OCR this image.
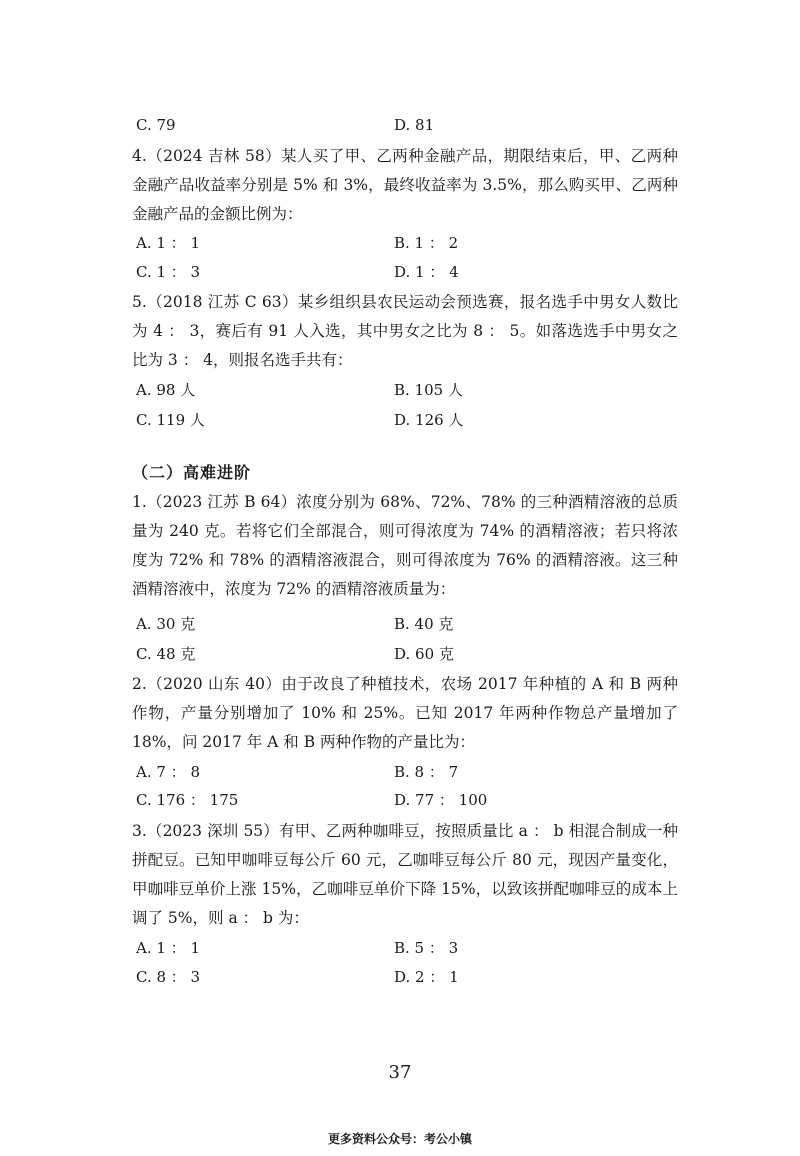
C. 79	D. 81

4.（2024 吉林 58）某人买了甲、乙两种金融产品，期限结束后，甲、乙两种金融产品收益率分别是 5% 和 3%，最终收益率为 3.5%，那么购买甲、乙两种金融产品的金额比例为：

A. 1 ： 1	B. 1 ： 2
C. 1 ： 3	D. 1 ： 4

5.（2018 江苏 C 63）某乡组织县农民运动会预选赛，报名选手中男女人数比为 4 ： 3，赛后有 91 人入选，其中男女之比为 8 ： 5。如落选选手中男女之比为 3 ： 4，则报名选手共有：

A. 98 人	B. 105 人
C. 119 人	D. 126 人
（二）高难进阶

1.（2023 江苏 B 64）浓度分别为 68%、72%、78% 的三种酒精溶液的总质量为 240 克。若将它们全部混合，则可得浓度为 74% 的酒精溶液；若只将浓度为 72% 和 78% 的酒精溶液混合，则可得浓度为 76% 的酒精溶液。这三种酒精溶液中，浓度为 72% 的酒精溶液质量为：

A. 30 克	B. 40 克
C. 48 克	D. 60 克

2.（2020 山东 40）由于改良了种植技术，农场 2017 年种植的 A 和 B 两种作物，产量分别增加了 10% 和 25%。已知 2017 年两种作物总产量增加了 18%，问 2017 年 A 和 B 两种作物的产量比为：

A. 7 ： 8	B. 8 ： 7
C. 176 ： 175	D. 77 ： 100

3.（2023 深圳 55）有甲、乙两种咖啡豆，按照质量比 a ： b 相混合制成一种拼配豆。已知甲咖啡豆每公斤 60 元，乙咖啡豆每公斤 80 元，现因产量变化，甲咖啡豆单价上涨 15%，乙咖啡豆单价下降 15%，以致该拼配咖啡豆的成本上调了 5%，则 a ： b 为：

A. 1 ： 1	B. 5 ： 3
C. 8 ： 3	D. 2 ： 1
37
更多资料公众号：考公小镇
